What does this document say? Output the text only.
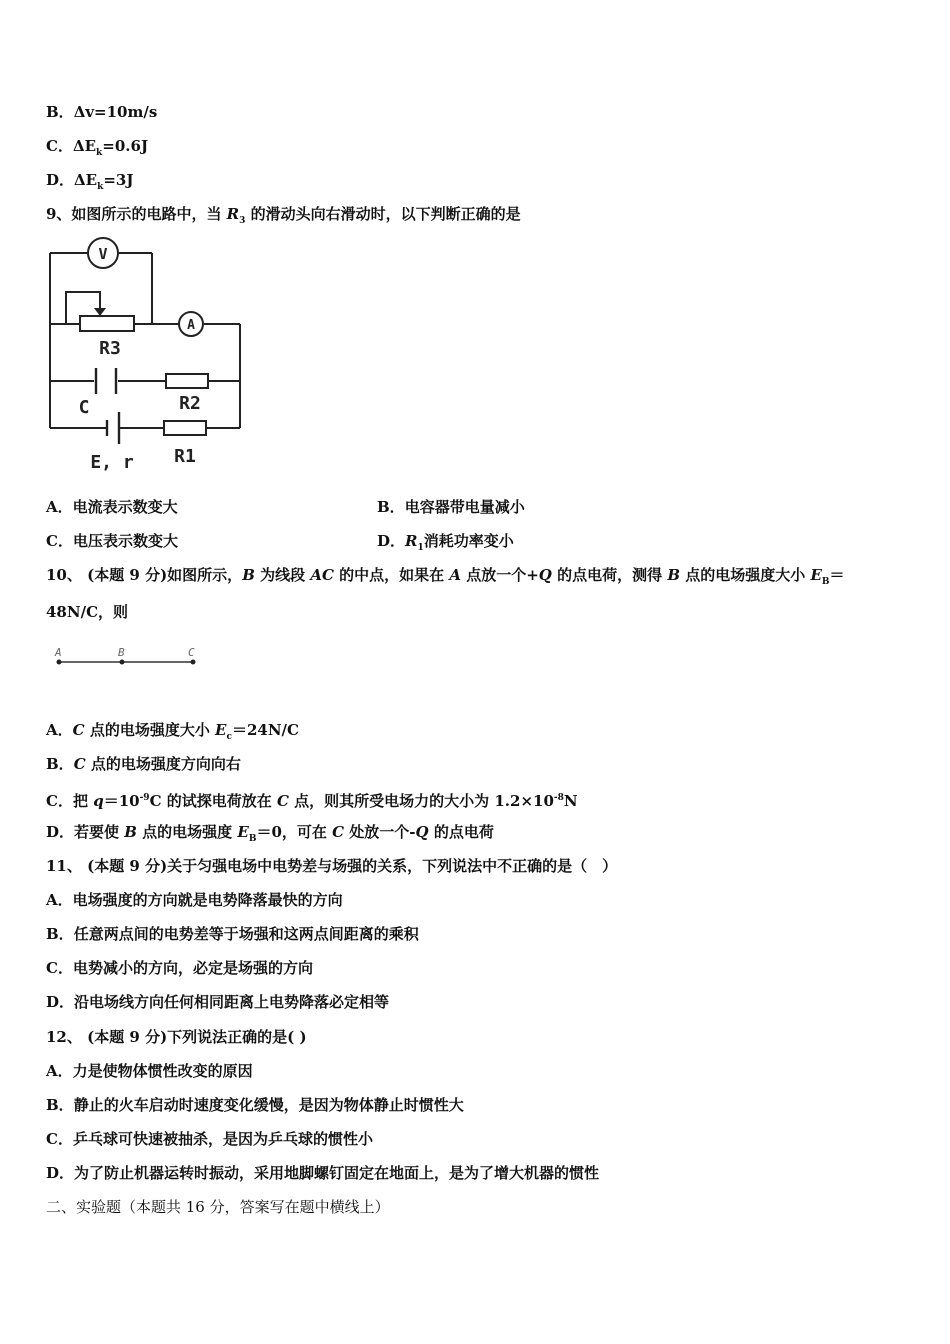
B．Δv=10m/s
C．$\Delta E_k=0.6J$
D．$\Delta E_k=3J$
9、如图所示的电路中，当 $R_3$ 的滑动头向右滑动时，以下判断正确的是
V
A
R3
R2
R1
C
E, r
A．电流表示数变大	B．电容器带电量减小
C．电压表示数变大	D．$R_1$消耗功率变小
10、 (本题 9 分)如图所示，B 为线段 AC 的中点，如果在 A 点放一个+Q 的点电荷，测得 B 点的电场强度大小 $E_B=$
48N/C，则
A	B	C
A．C 点的电场强度大小 $E_c=24N/C$
B．C 点的电场强度方向向右
C．把 $q=10^{-9}C$ 的试探电荷放在 C 点，则其所受电场力的大小为 $1.2\times 10^{-8}N$
D．若要使 B 点的电场强度 $E_B=0$，可在 C 处放一个-Q 的点电荷
11、 (本题 9 分)关于匀强电场中电势差与场强的关系，下列说法中不正确的是（　）
A．电场强度的方向就是电势降落最快的方向
B．任意两点间的电势差等于场强和这两点间距离的乘积
C．电势减小的方向，必定是场强的方向
D．沿电场线方向任何相同距离上电势降落必定相等
12、 (本题 9 分)下列说法正确的是( )
A．力是使物体惯性改变的原因
B．静止的火车启动时速度变化缓慢，是因为物体静止时惯性大
C．乒乓球可快速被抽杀，是因为乒乓球的惯性小
D．为了防止机器运转时振动，采用地脚螺钉固定在地面上，是为了增大机器的惯性
二、实验题（本题共 16 分，答案写在题中横线上）
